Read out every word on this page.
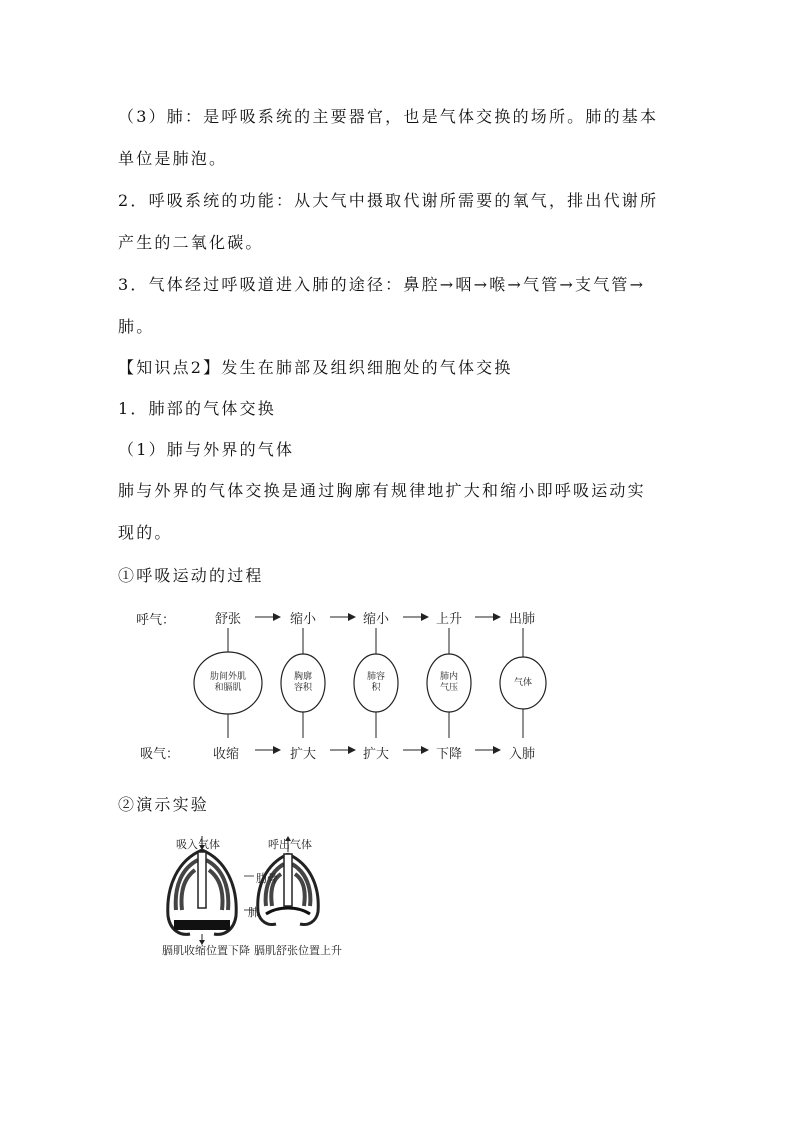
（3）肺：是呼吸系统的主要器官，也是气体交换的场所。肺的基本
单位是肺泡。
2．呼吸系统的功能：从大气中摄取代谢所需要的氧气，排出代谢所
产生的二氧化碳。
3．气体经过呼吸道进入肺的途径：鼻腔→咽→喉→气管→支气管→
肺。
【知识点2】发生在肺部及组织细胞处的气体交换
1．肺部的气体交换
（1）肺与外界的气体
肺与外界的气体交换是通过胸廓有规律地扩大和缩小即呼吸运动实
现的。
①呼吸运动的过程
呼气：	舒张	缩小	缩小	上升	出肺
肋间外肌
和膈肌
胸廓
容积
肺容
积
肺内
气压	气体
吸气：	收缩	扩大	扩大	下降	入肺
②演示实验
吸入气体	呼出气体
肋骨
肺
膈肌收缩位置下降 膈肌舒张位置上升
